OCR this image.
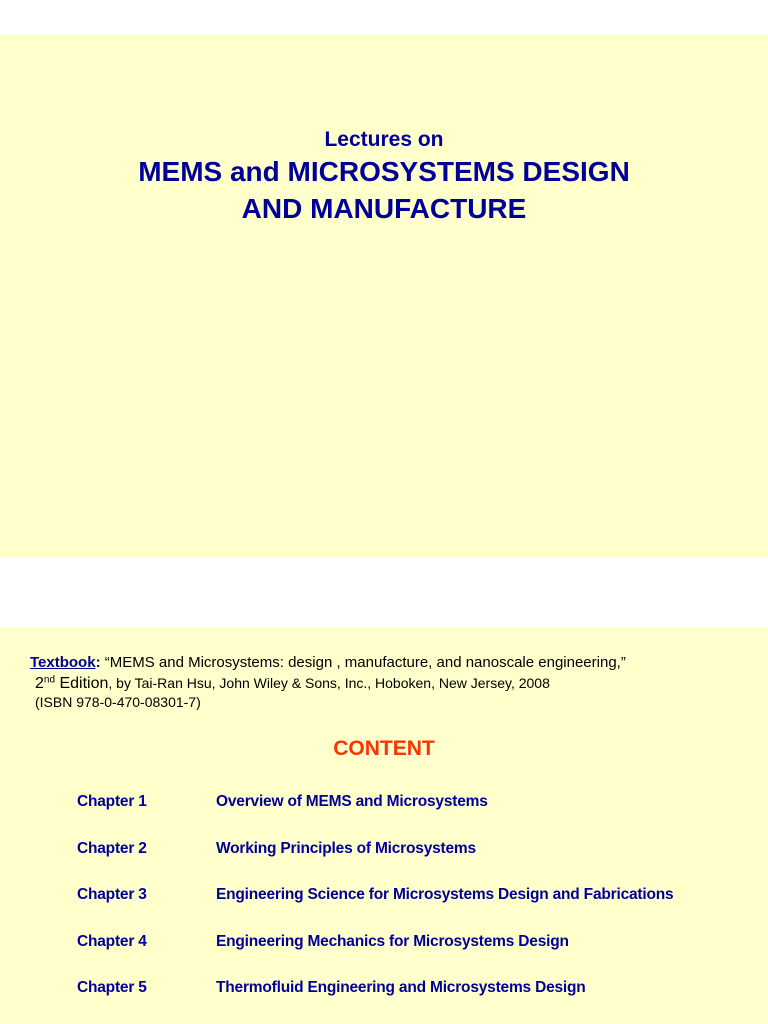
Lectures on
MEMS and MICROSYSTEMS DESIGN
AND MANUFACTURE
Textbook: “MEMS and Microsystems: design , manufacture, and nanoscale engineering,”
2nd Edition, by Tai-Ran Hsu, John Wiley & Sons, Inc., Hoboken, New Jersey, 2008
(ISBN 978-0-470-08301-7)
CONTENT
Chapter 1	Overview of MEMS and Microsystems
Chapter 2	Working Principles of Microsystems
Chapter 3	Engineering Science for Microsystems Design and Fabrications
Chapter 4	Engineering Mechanics for Microsystems Design
Chapter 5	Thermofluid Engineering and Microsystems Design
